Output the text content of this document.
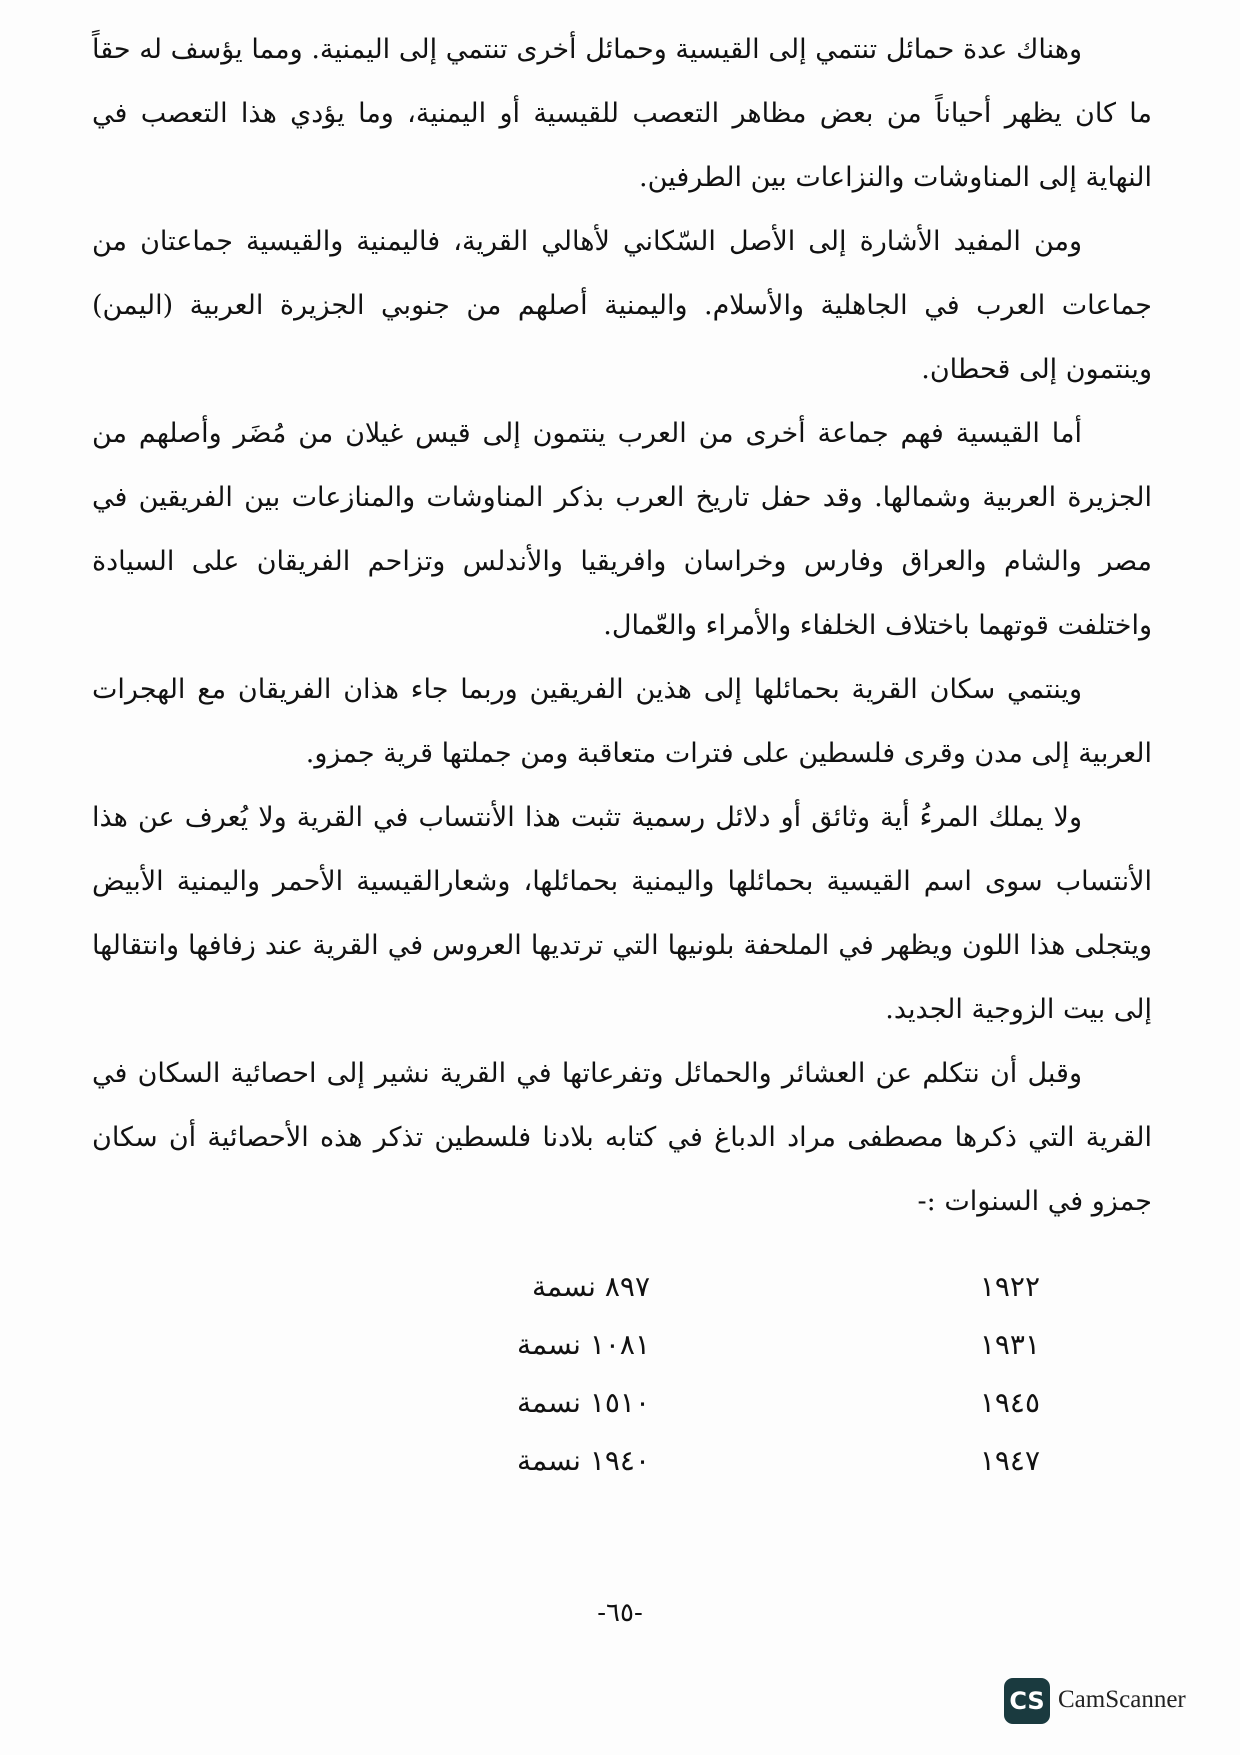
وهناك عدة حمائل تنتمي إلى القيسية وحمائل أخرى تنتمي إلى اليمنية. ومما يؤسف له حقاً ما كان يظهر أحياناً من بعض مظاهر التعصب للقيسية أو اليمنية، وما يؤدي هذا التعصب في النهاية إلى المناوشات والنزاعات بين الطرفين.

ومن المفيد الأشارة إلى الأصل السّكاني لأهالي القرية، فاليمنية والقيسية جماعتان من جماعات العرب في الجاهلية والأسلام. واليمنية أصلهم من جنوبي الجزيرة العربية (اليمن) وينتمون إلى قحطان.

أما القيسية فهم جماعة أخرى من العرب ينتمون إلى قيس غيلان من مُضَر وأصلهم من الجزيرة العربية وشمالها. وقد حفل تاريخ العرب بذكر المناوشات والمنازعات بين الفريقين في مصر والشام والعراق وفارس وخراسان وافريقيا والأندلس وتزاحم الفريقان على السيادة واختلفت قوتهما باختلاف الخلفاء والأمراء والعّمال.

وينتمي سكان القرية بحمائلها إلى هذين الفريقين وربما جاء هذان الفريقان مع الهجرات العربية إلى مدن وقرى فلسطين على فترات متعاقبة ومن جملتها قرية جمزو.

ولا يملك المرءُ أية وثائق أو دلائل رسمية تثبت هذا الأنتساب في القرية ولا يُعرف عن هذا الأنتساب سوى اسم القيسية بحمائلها واليمنية بحمائلها، وشعارالقيسية الأحمر واليمنية الأبيض ويتجلى هذا اللون ويظهر في الملحفة بلونيها التي ترتديها العروس في القرية عند زفافها وانتقالها إلى بيت الزوجية الجديد.

وقبل أن نتكلم عن العشائر والحمائل وتفرعاتها في القرية نشير إلى احصائية السكان في القرية التي ذكرها مصطفى مراد الدباغ في كتابه بلادنا فلسطين تذكر هذه الأحصائية أن سكان جمزو في السنوات :-

١٩٢٢
٨٩٧ نسمة
١٩٣١
١٠٨١ نسمة
١٩٤٥
١٥١٠ نسمة
١٩٤٧
١٩٤٠ نسمة
-٦٥-
CS CamScanner
